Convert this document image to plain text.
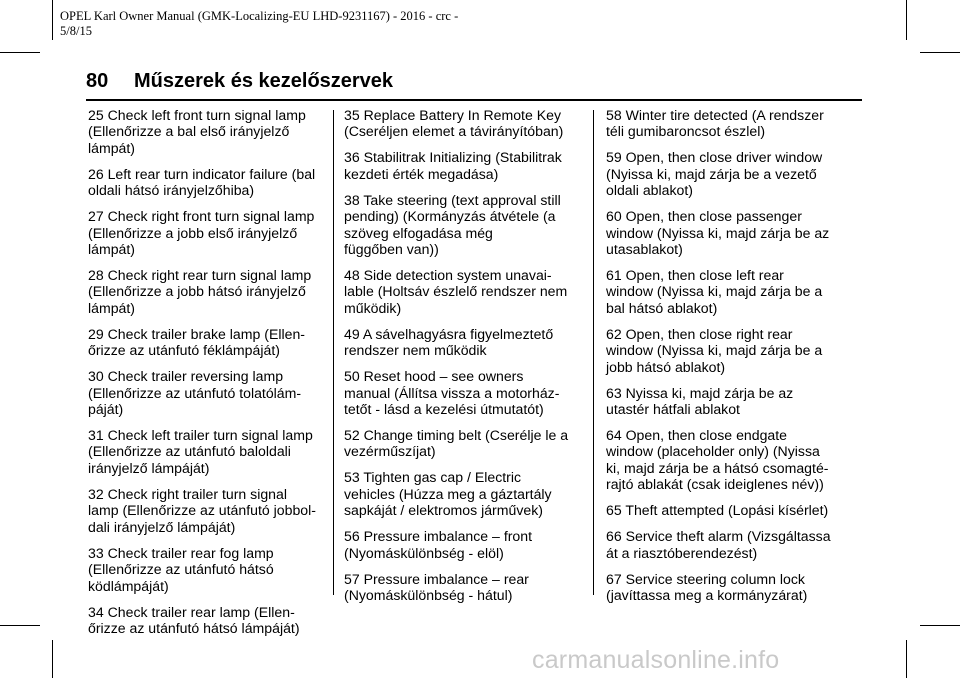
OPEL Karl Owner Manual (GMK-Localizing-EU LHD-9231167) - 2016 - crc -
5/8/15
80 Műszerek és kezelőszervek
25 Check left front turn signal lamp
(Ellenőrizze a bal első irányjelző
lámpát)
26 Left rear turn indicator failure (bal
oldali hátsó irányjelzőhiba)
27 Check right front turn signal lamp
(Ellenőrizze a jobb első irányjelző
lámpát)
28 Check right rear turn signal lamp
(Ellenőrizze a jobb hátsó irányjelző
lámpát)
29 Check trailer brake lamp (Ellen-
őrizze az utánfutó féklámpáját)
30 Check trailer reversing lamp
(Ellenőrizze az utánfutó tolatólám-
páját)
31 Check left trailer turn signal lamp
(Ellenőrizze az utánfutó baloldali
irányjelző lámpáját)
32 Check right trailer turn signal
lamp (Ellenőrizze az utánfutó jobbol-
dali irányjelző lámpáját)
33 Check trailer rear fog lamp
(Ellenőrizze az utánfutó hátsó
ködlámpáját)
34 Check trailer rear lamp (Ellen-
őrizze az utánfutó hátsó lámpáját)
35 Replace Battery In Remote Key
(Cseréljen elemet a távirányítóban)
36 Stabilitrak Initializing (Stabilitrak
kezdeti érték megadása)
38 Take steering (text approval still
pending) (Kormányzás átvétele (a
szöveg elfogadása még
függőben van))
48 Side detection system unavai-
lable (Holtsáv észlelő rendszer nem
működik)
49 A sávelhagyásra figyelmeztető
rendszer nem működik
50 Reset hood – see owners
manual (Állítsa vissza a motorház-
tetőt - lásd a kezelési útmutatót)
52 Change timing belt (Cserélje le a
vezérműszíjat)
53 Tighten gas cap / Electric
vehicles (Húzza meg a gáztartály
sapkáját / elektromos járművek)
56 Pressure imbalance – front
(Nyomáskülönbség - elöl)
57 Pressure imbalance – rear
(Nyomáskülönbség - hátul)
58 Winter tire detected (A rendszer
téli gumibaroncsot észlel)
59 Open, then close driver window
(Nyissa ki, majd zárja be a vezető
oldali ablakot)
60 Open, then close passenger
window (Nyissa ki, majd zárja be az
utasablakot)
61 Open, then close left rear
window (Nyissa ki, majd zárja be a
bal hátsó ablakot)
62 Open, then close right rear
window (Nyissa ki, majd zárja be a
jobb hátsó ablakot)
63 Nyissa ki, majd zárja be az
utastér hátfali ablakot
64 Open, then close endgate
window (placeholder only) (Nyissa
ki, majd zárja be a hátsó csomagté-
rajtó ablakát (csak ideiglenes név))
65 Theft attempted (Lopási kísérlet)
66 Service theft alarm (Vizsgáltassa
át a riasztóberendezést)
67 Service steering column lock
(javíttassa meg a kormányzárat)
carmanualsonline.info
